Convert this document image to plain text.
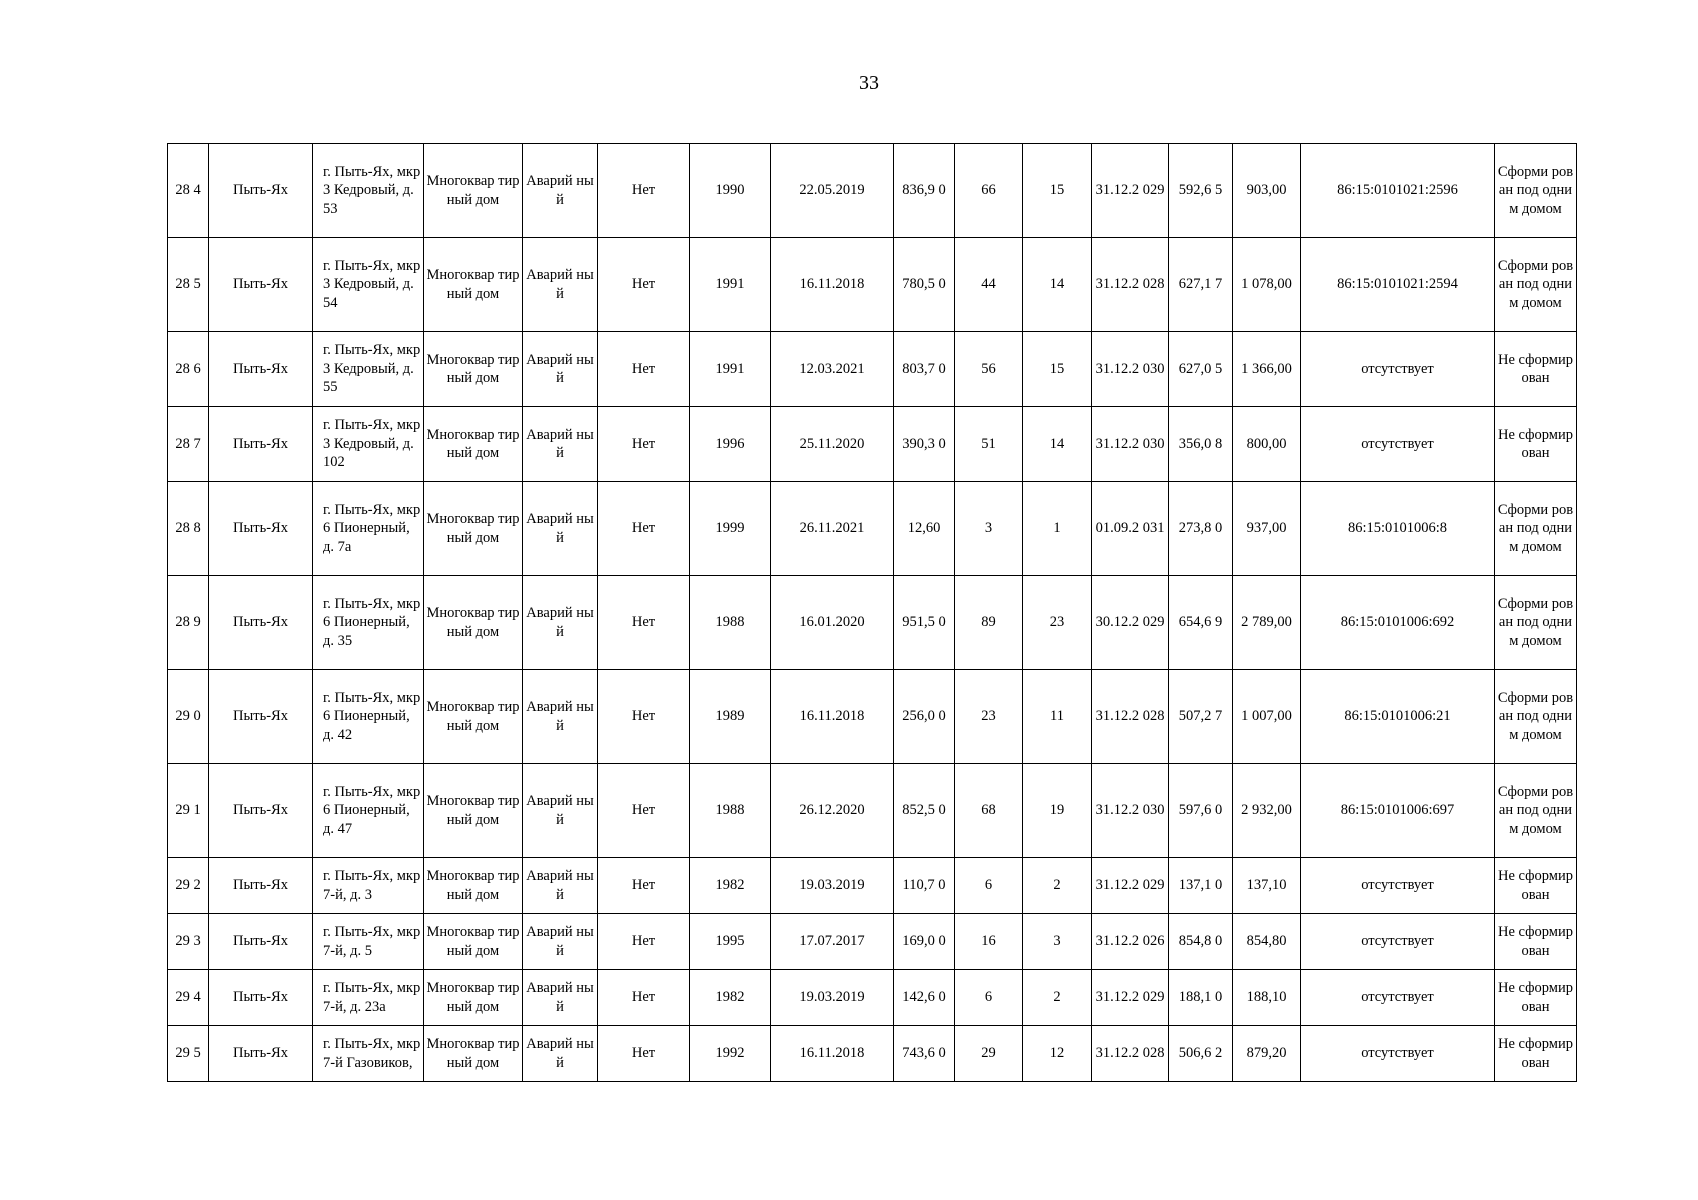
33
28 4	Пыть-Ях	г. Пыть-Ях, мкр 3 Кедровый, д. 53	Многоквар тирный дом	Аварий ный	Нет	1990	22.05.2019	836,9 0	66	15	31.12.2 029	592,6 5	903,00	86:15:0101021:2596	Сформи рован под одним домом
28 5	Пыть-Ях	г. Пыть-Ях, мкр 3 Кедровый, д. 54	Многоквар тирный дом	Аварий ный	Нет	1991	16.11.2018	780,5 0	44	14	31.12.2 028	627,1 7	1 078,00	86:15:0101021:2594	Сформи рован под одним домом
28 6	Пыть-Ях	г. Пыть-Ях, мкр 3 Кедровый, д. 55	Многоквар тирный дом	Аварий ный	Нет	1991	12.03.2021	803,7 0	56	15	31.12.2 030	627,0 5	1 366,00	отсутствует	Не сформир ован
28 7	Пыть-Ях	г. Пыть-Ях, мкр 3 Кедровый, д. 102	Многоквар тирный дом	Аварий ный	Нет	1996	25.11.2020	390,3 0	51	14	31.12.2 030	356,0 8	800,00	отсутствует	Не сформир ован
28 8	Пыть-Ях	г. Пыть-Ях, мкр 6 Пионерный, д. 7а	Многоквар тирный дом	Аварий ный	Нет	1999	26.11.2021	12,60	3	1	01.09.2 031	273,8 0	937,00	86:15:0101006:8	Сформи рован под одним домом
28 9	Пыть-Ях	г. Пыть-Ях, мкр 6 Пионерный, д. 35	Многоквар тирный дом	Аварий ный	Нет	1988	16.01.2020	951,5 0	89	23	30.12.2 029	654,6 9	2 789,00	86:15:0101006:692	Сформи рован под одним домом
29 0	Пыть-Ях	г. Пыть-Ях, мкр 6 Пионерный, д. 42	Многоквар тирный дом	Аварий ный	Нет	1989	16.11.2018	256,0 0	23	11	31.12.2 028	507,2 7	1 007,00	86:15:0101006:21	Сформи рован под одним домом
29 1	Пыть-Ях	г. Пыть-Ях, мкр 6 Пионерный, д. 47	Многоквар тирный дом	Аварий ный	Нет	1988	26.12.2020	852,5 0	68	19	31.12.2 030	597,6 0	2 932,00	86:15:0101006:697	Сформи рован под одним домом
29 2	Пыть-Ях	г. Пыть-Ях, мкр 7-й, д. 3	Многоквар тирный дом	Аварий ный	Нет	1982	19.03.2019	110,7 0	6	2	31.12.2 029	137,1 0	137,10	отсутствует	Не сформир ован
29 3	Пыть-Ях	г. Пыть-Ях, мкр 7-й, д. 5	Многоквар тирный дом	Аварий ный	Нет	1995	17.07.2017	169,0 0	16	3	31.12.2 026	854,8 0	854,80	отсутствует	Не сформир ован
29 4	Пыть-Ях	г. Пыть-Ях, мкр 7-й, д. 23а	Многоквар тирный дом	Аварий ный	Нет	1982	19.03.2019	142,6 0	6	2	31.12.2 029	188,1 0	188,10	отсутствует	Не сформир ован
29 5	Пыть-Ях	г. Пыть-Ях, мкр 7-й Газовиков,	Многоквар тирный дом	Аварий ный	Нет	1992	16.11.2018	743,6 0	29	12	31.12.2 028	506,6 2	879,20	отсутствует	Не сформир ован
